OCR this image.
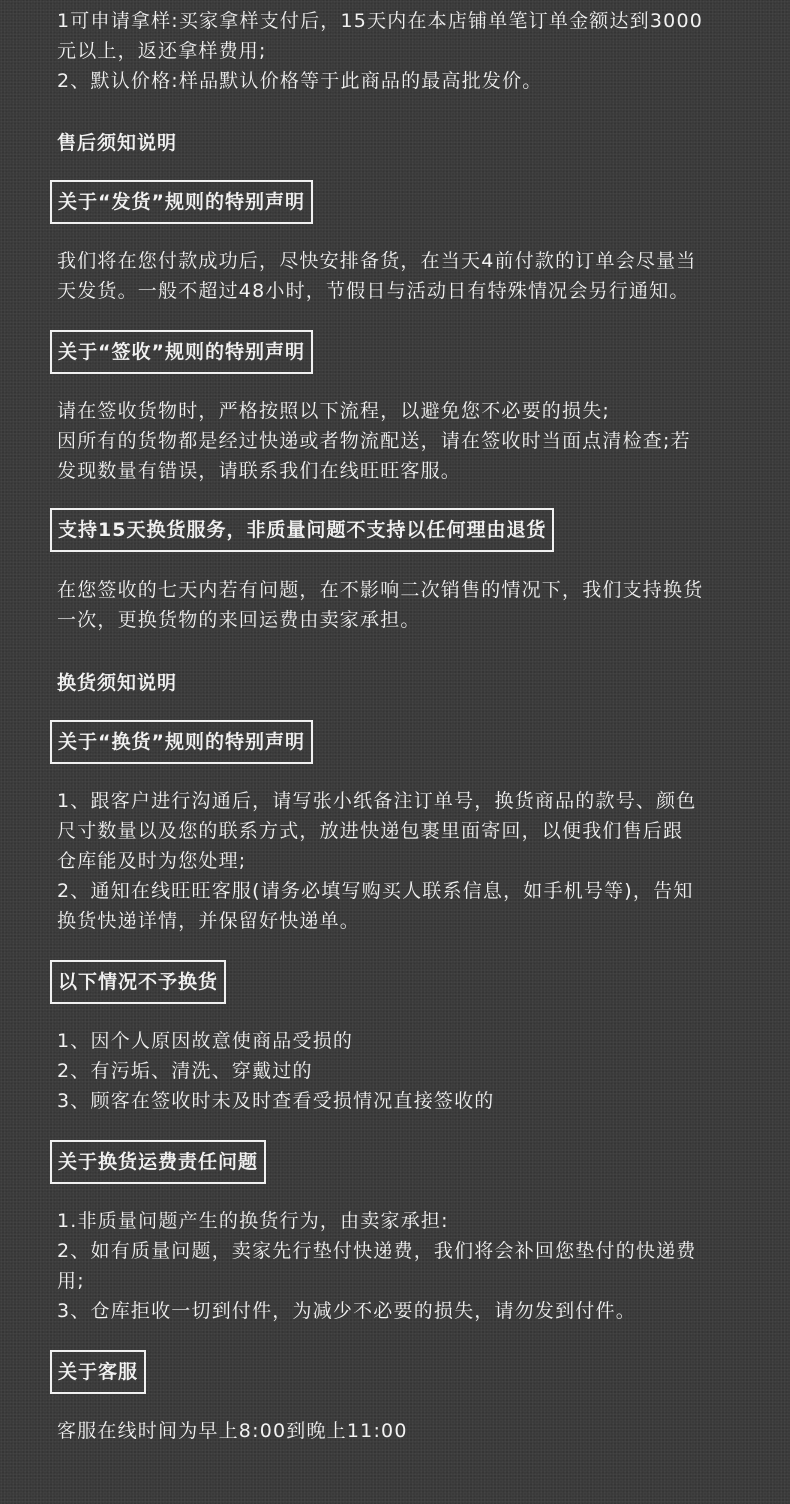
1可申请拿样:买家拿样支付后，15天内在本店铺单笔订单金额达到3000

元以上，返还拿样费用;

2、默认价格:样品默认价格等于此商品的最高批发价。

售后须知说明
关于“发货”规则的特别声明

我们将在您付款成功后，尽快安排备货，在当天4前付款的订单会尽量当

天发货。一般不超过48小时，节假日与活动日有特殊情况会另行通知。

关于“签收”规则的特别声明

请在签收货物时，严格按照以下流程，以避免您不必要的损失;

因所有的货物都是经过快递或者物流配送，请在签收时当面点清检查;若

发现数量有错误，请联系我们在线旺旺客服。

支持15天换货服务，非质量问题不支持以任何理由退货

在您签收的七天内若有问题，在不影响二次销售的情况下，我们支持换货

一次，更换货物的来回运费由卖家承担。

换货须知说明
关于“换货”规则的特别声明

1、跟客户进行沟通后，请写张小纸备注订单号，换货商品的款号、颜色

尺寸数量以及您的联系方式，放进快递包裹里面寄回，以便我们售后跟

仓库能及时为您处理;

2、通知在线旺旺客服(请务必填写购买人联系信息，如手机号等)，告知

换货快递详情，并保留好快递单。

以下情况不予换货

1、因个人原因故意使商品受损的

2、有污垢、清洗、穿戴过的

3、顾客在签收时未及时查看受损情况直接签收的

关于换货运费责任问题

1.非质量问题产生的换货行为，由卖家承担:

2、如有质量问题，卖家先行垫付快递费，我们将会补回您垫付的快递费

用;

3、仓库拒收一切到付件，为减少不必要的损失，请勿发到付件。

关于客服

客服在线时间为早上8:00到晚上11:00
